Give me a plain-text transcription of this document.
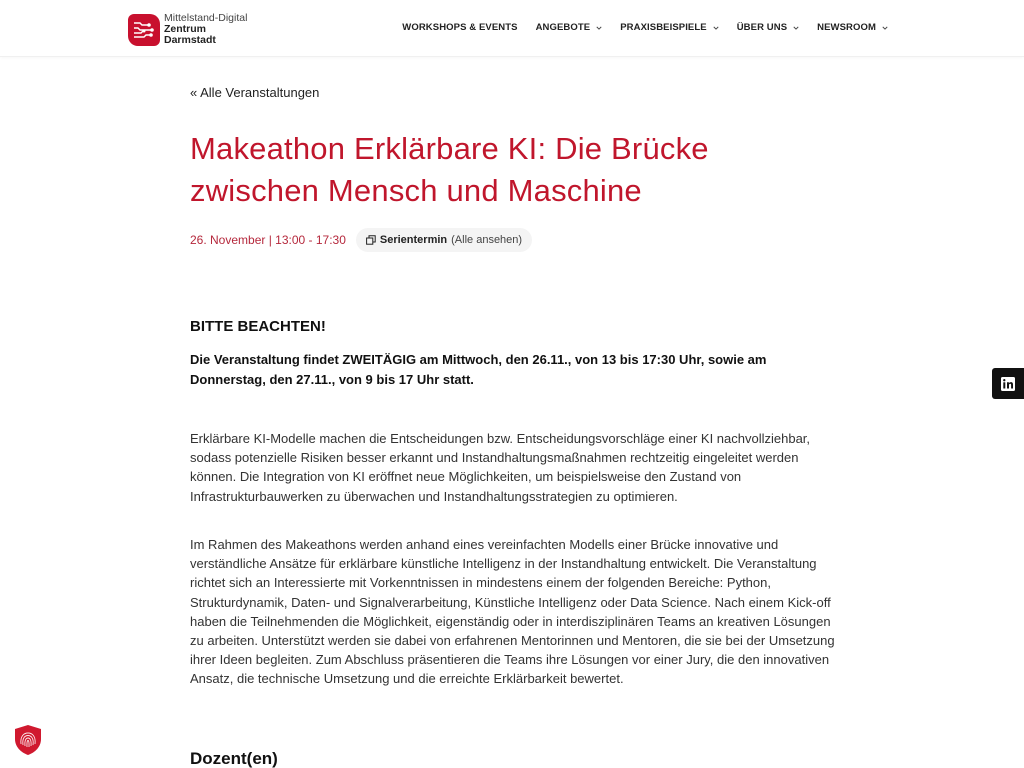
Mittelstand-Digital
Zentrum
Darmstadt
WORKSHOPS & EVENTS ANGEBOTE	PRAXISBEISPIELE	ÜBER UNS	NEWSROOM
« Alle Veranstaltungen
Makeathon Erklärbare KI: Die Brücke zwischen Mensch und Maschine
26. November | 13:00 - 17:30	Serientermin (Alle ansehen)
BITTE BEACHTEN!

Die Veranstaltung findet ZWEITÄGIG am Mittwoch, den 26.11., von 13 bis 17:30 Uhr, sowie am Donnerstag, den 27.11., von 9 bis 17 Uhr statt.

Erklärbare KI-Modelle machen die Entscheidungen bzw. Entscheidungsvorschläge einer KI nachvollziehbar, sodass potenzielle Risiken besser erkannt und Instandhaltungsmaßnahmen rechtzeitig eingeleitet werden können. Die Integration von KI eröffnet neue Möglichkeiten, um beispielsweise den Zustand von Infrastrukturbauwerken zu überwachen und Instandhaltungsstrategien zu optimieren.

Im Rahmen des Makeathons werden anhand eines vereinfachten Modells einer Brücke innovative und verständliche Ansätze für erklärbare künstliche Intelligenz in der Instandhaltung entwickelt. Die Veranstaltung richtet sich an Interessierte mit Vorkenntnissen in mindestens einem der folgenden Bereiche: Python, Strukturdynamik, Daten- und Signalverarbeitung, Künstliche Intelligenz oder Data Science. Nach einem Kick-off haben die Teilnehmenden die Möglichkeit, eigenständig oder in interdisziplinären Teams an kreativen Lösungen zu arbeiten. Unterstützt werden sie dabei von erfahrenen Mentorinnen und Mentoren, die sie bei der Umsetzung ihrer Ideen begleiten. Zum Abschluss präsentieren die Teams ihre Lösungen vor einer Jury, die den innovativen Ansatz, die technische Umsetzung und die erreichte Erklärbarkeit bewertet.

Dozent(en)
